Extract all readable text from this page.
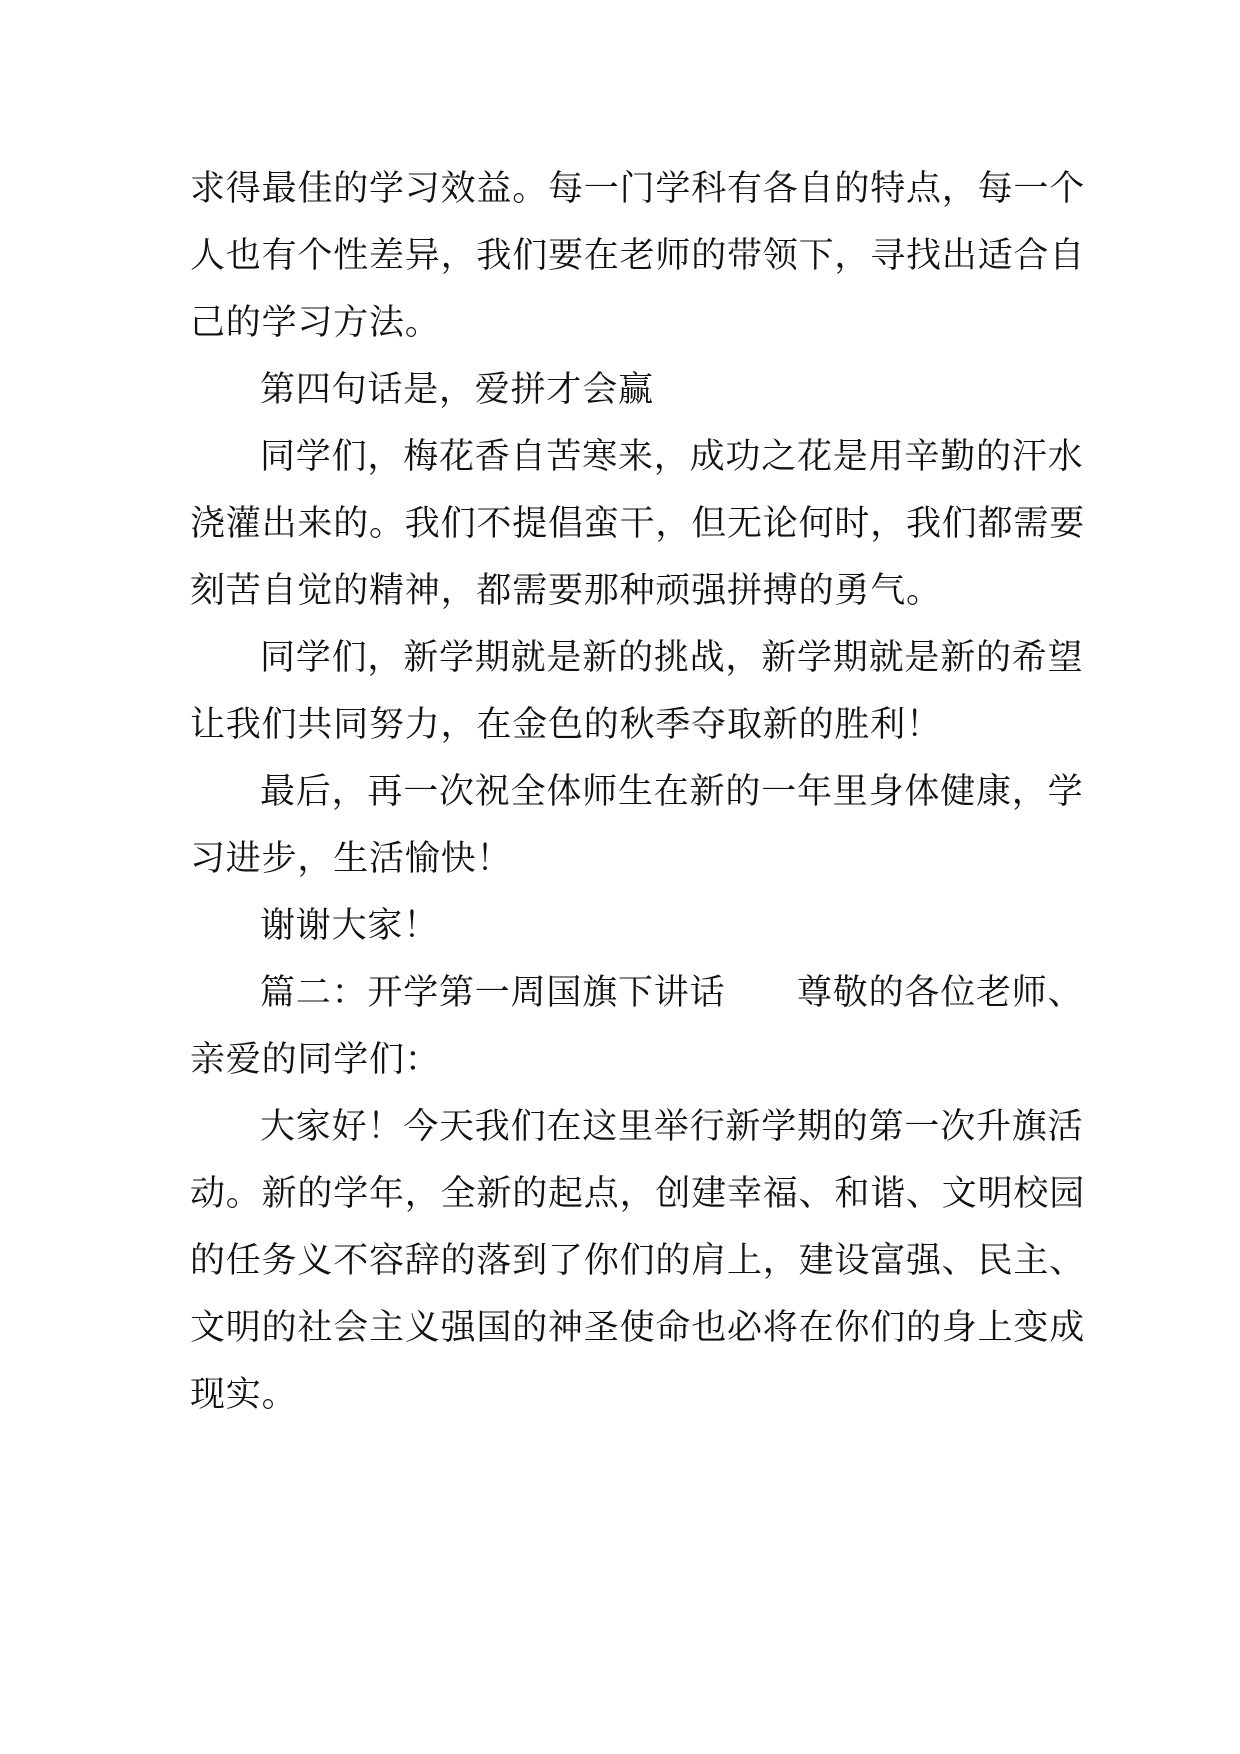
求得最佳的学习效益。每一门学科有各自的特点，每一个
人也有个性差异，我们要在老师的带领下，寻找出适合自
己的学习方法。
第四句话是，爱拼才会赢
同学们，梅花香自苦寒来，成功之花是用辛勤的汗水
浇灌出来的。我们不提倡蛮干，但无论何时，我们都需要
刻苦自觉的精神，都需要那种顽强拼搏的勇气。
同学们，新学期就是新的挑战，新学期就是新的希望
让我们共同努力，在金色的秋季夺取新的胜利！
最后，再一次祝全体师生在新的一年里身体健康，学
习进步，生活愉快！
谢谢大家！
篇二：开学第一周国旗下讲话　　尊敬的各位老师、
亲爱的同学们：
大家好！今天我们在这里举行新学期的第一次升旗活
动。新的学年，全新的起点，创建幸福、和谐、文明校园
的任务义不容辞的落到了你们的肩上，建设富强、民主、
文明的社会主义强国的神圣使命也必将在你们的身上变成
现实。
